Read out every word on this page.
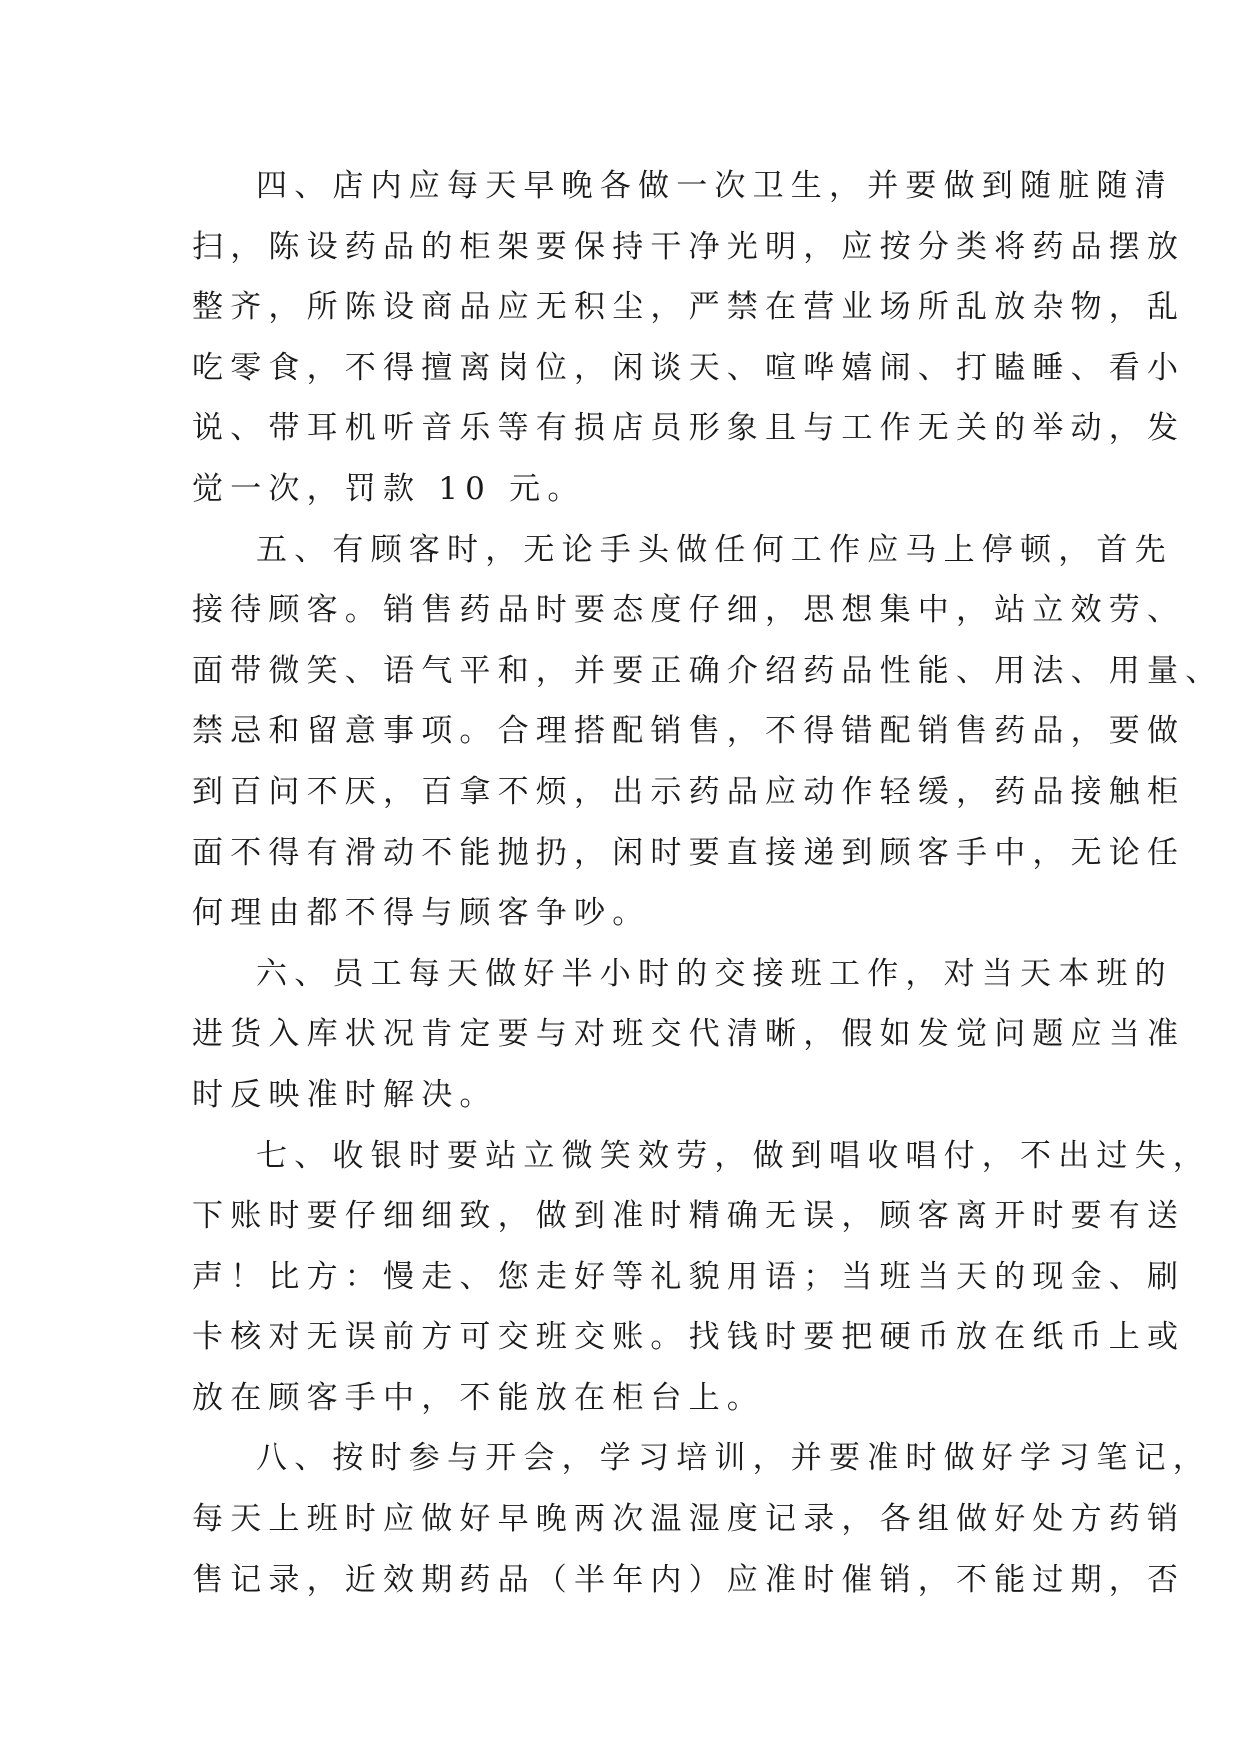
四、店内应每天早晚各做一次卫生，并要做到随脏随清
扫，陈设药品的柜架要保持干净光明，应按分类将药品摆放
整齐，所陈设商品应无积尘，严禁在营业场所乱放杂物，乱
吃零食，不得擅离岗位，闲谈天、喧哗嬉闹、打瞌睡、看小
说、带耳机听音乐等有损店员形象且与工作无关的举动，发
觉一次，罚款 10 元。
五、有顾客时，无论手头做任何工作应马上停顿，首先
接待顾客。销售药品时要态度仔细，思想集中，站立效劳、
面带微笑、语气平和，并要正确介绍药品性能、用法、用量、
禁忌和留意事项。合理搭配销售，不得错配销售药品，要做
到百问不厌，百拿不烦，出示药品应动作轻缓，药品接触柜
面不得有滑动不能抛扔，闲时要直接递到顾客手中，无论任
何理由都不得与顾客争吵。
六、员工每天做好半小时的交接班工作，对当天本班的
进货入库状况肯定要与对班交代清晰，假如发觉问题应当准
时反映准时解决。
七、收银时要站立微笑效劳，做到唱收唱付，不出过失，
下账时要仔细细致，做到准时精确无误，顾客离开时要有送
声！比方：慢走、您走好等礼貌用语；当班当天的现金、刷
卡核对无误前方可交班交账。找钱时要把硬币放在纸币上或
放在顾客手中，不能放在柜台上。
八、按时参与开会，学习培训，并要准时做好学习笔记，
每天上班时应做好早晚两次温湿度记录，各组做好处方药销
售记录，近效期药品（半年内）应准时催销，不能过期，否
